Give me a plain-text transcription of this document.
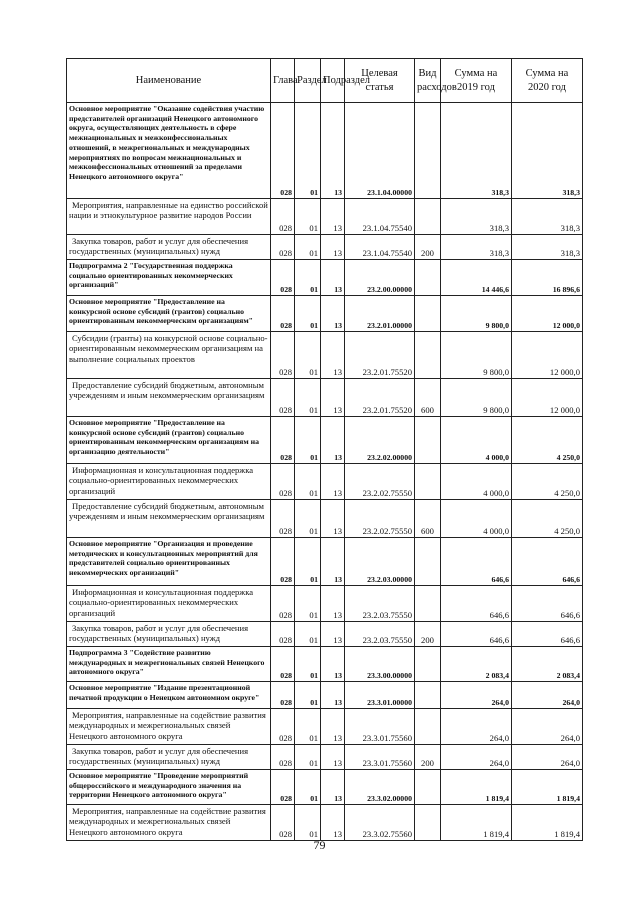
Наименование	Глава	Раздел	Подраздел	Целевая статья	Вид расходов	Сумма на 2019 год	Сумма на 2020 год
Основное мероприятие "Оказание содействия участию представителей организаций Ненецкого автономного округа, осуществляющих деятельность в сфере межнациональных и межконфессиональных отношений, в межрегиональных и международных мероприятиях по вопросам межнациональных и межконфессиональных отношений за пределами Ненецкого автономного округа"	028	01	13	23.1.04.00000		318,3	318,3
Мероприятия, направленные на единство российской нации и этнокультурное развитие народов России	028	01	13	23.1.04.75540		318,3	318,3
Закупка товаров, работ и услуг для обеспечения государственных (муниципальных) нужд	028	01	13	23.1.04.75540	200	318,3	318,3
Подпрограмма 2 "Государственная поддержка социально ориентированных некоммерческих организаций"	028	01	13	23.2.00.00000		14 446,6	16 896,6
Основное мероприятие "Предоставление на конкурсной основе субсидий (грантов) социально ориентированным некоммерческим организациям"	028	01	13	23.2.01.00000		9 800,0	12 000,0
Субсидии (гранты) на конкурсной основе социально-ориентированным некоммерческим организациям на выполнение социальных проектов	028	01	13	23.2.01.75520		9 800,0	12 000,0
Предоставление субсидий бюджетным, автономным учреждениям и иным некоммерческим организациям	028	01	13	23.2.01.75520	600	9 800,0	12 000,0
Основное мероприятие "Предоставление на конкурсной основе субсидий (грантов) социально ориентированным некоммерческим организациям на организацию деятельности"	028	01	13	23.2.02.00000		4 000,0	4 250,0
Информационная и консультационная поддержка социально-ориентированных некоммерческих организаций	028	01	13	23.2.02.75550		4 000,0	4 250,0
Предоставление субсидий бюджетным, автономным учреждениям и иным некоммерческим организациям	028	01	13	23.2.02.75550	600	4 000,0	4 250,0
Основное мероприятие "Организация и проведение методических и консультационных мероприятий для представителей социально ориентированных некоммерческих организаций"	028	01	13	23.2.03.00000		646,6	646,6
Информационная и консультационная поддержка социально-ориентированных некоммерческих организаций	028	01	13	23.2.03.75550		646,6	646,6
Закупка товаров, работ и услуг для обеспечения государственных (муниципальных) нужд	028	01	13	23.2.03.75550	200	646,6	646,6
Подпрограмма 3 "Содействие развитию международных и межрегиональных связей Ненецкого автономного округа"	028	01	13	23.3.00.00000		2 083,4	2 083,4
Основное мероприятие "Издание презентационной печатной продукции о Ненецком автономном округе"	028	01	13	23.3.01.00000		264,0	264,0
Мероприятия, направленные на содействие развития международных и межрегиональных связей Ненецкого автономного округа	028	01	13	23.3.01.75560		264,0	264,0
Закупка товаров, работ и услуг для обеспечения государственных (муниципальных) нужд	028	01	13	23.3.01.75560	200	264,0	264,0
Основное мероприятие "Проведение мероприятий общероссийского и международного значения на территории Ненецкого автономного округа"	028	01	13	23.3.02.00000		1 819,4	1 819,4
Мероприятия, направленные на содействие развития международных и межрегиональных связей Ненецкого автономного округа	028	01	13	23.3.02.75560		1 819,4	1 819,4
79
